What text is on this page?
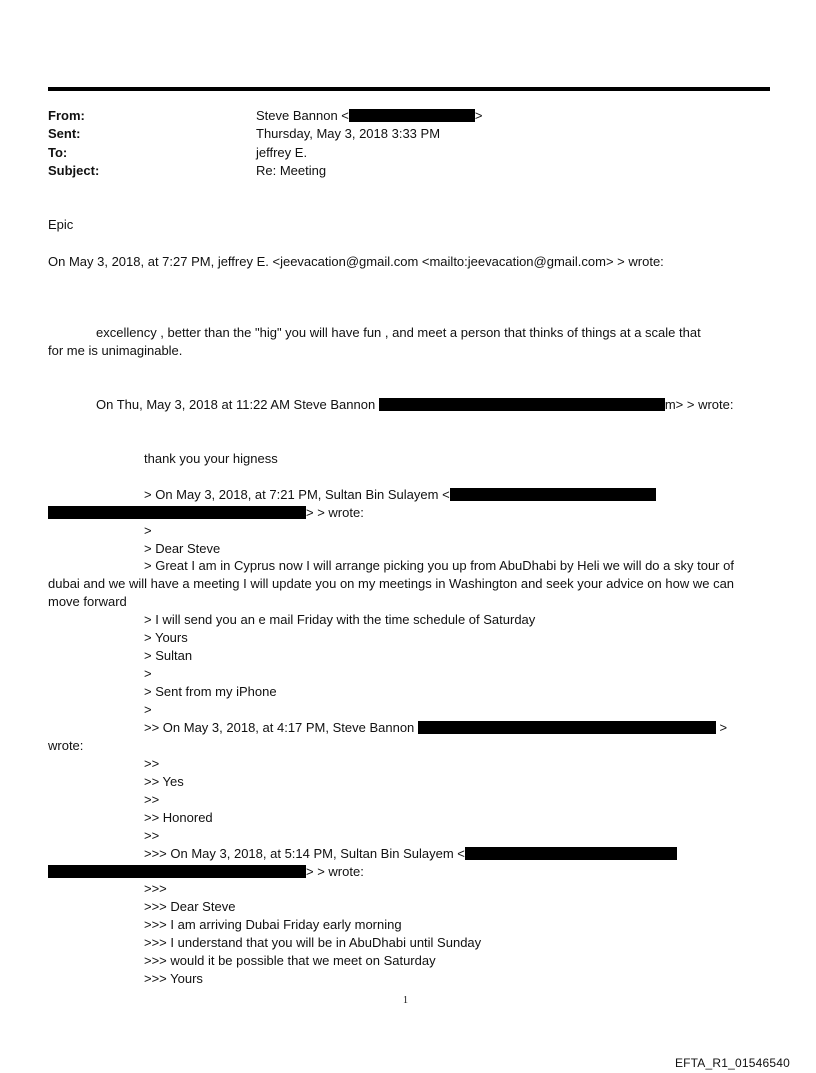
From:	Steve Bannon <	>
Sent:	Thursday, May 3, 2018 3:33 PM
To:	jeffrey E.
Subject:	Re: Meeting
Epic
On May 3, 2018, at 7:27 PM, jeffrey E. <jeevacation@gmail.com <mailto:jeevacation@gmail.com> > wrote:
excellency , better than the "hig" you will have fun , and meet a person that thinks of things at a scale that
for me is unimaginable.
On Thu, May 3, 2018 at 11:22 AM Steve Bannon	m> > wrote:
thank you your higness
> On May 3, 2018, at 7:21 PM, Sultan Bin Sulayem <
> > wrote:
>
> Dear Steve
> Great I am in Cyprus now I will arrange picking you up from AbuDhabi by Heli we will do a sky tour of
dubai and we will have a meeting I will update you on my meetings in Washington and seek your advice on how we can
move forward
> I will send you an e mail Friday with the time schedule of Saturday
> Yours
> Sultan
>
> Sent from my iPhone
>
>> On May 3, 2018, at 4:17 PM, Steve Bannon	>
wrote:
>>
>> Yes
>>
>> Honored
>>
>>> On May 3, 2018, at 5:14 PM, Sultan Bin Sulayem <
> > wrote:
>>>
>>> Dear Steve
>>> I am arriving Dubai Friday early morning
>>> I understand that you will be in AbuDhabi until Sunday
>>> would it be possible that we meet on Saturday
>>> Yours
1
EFTA_R1_01546540
